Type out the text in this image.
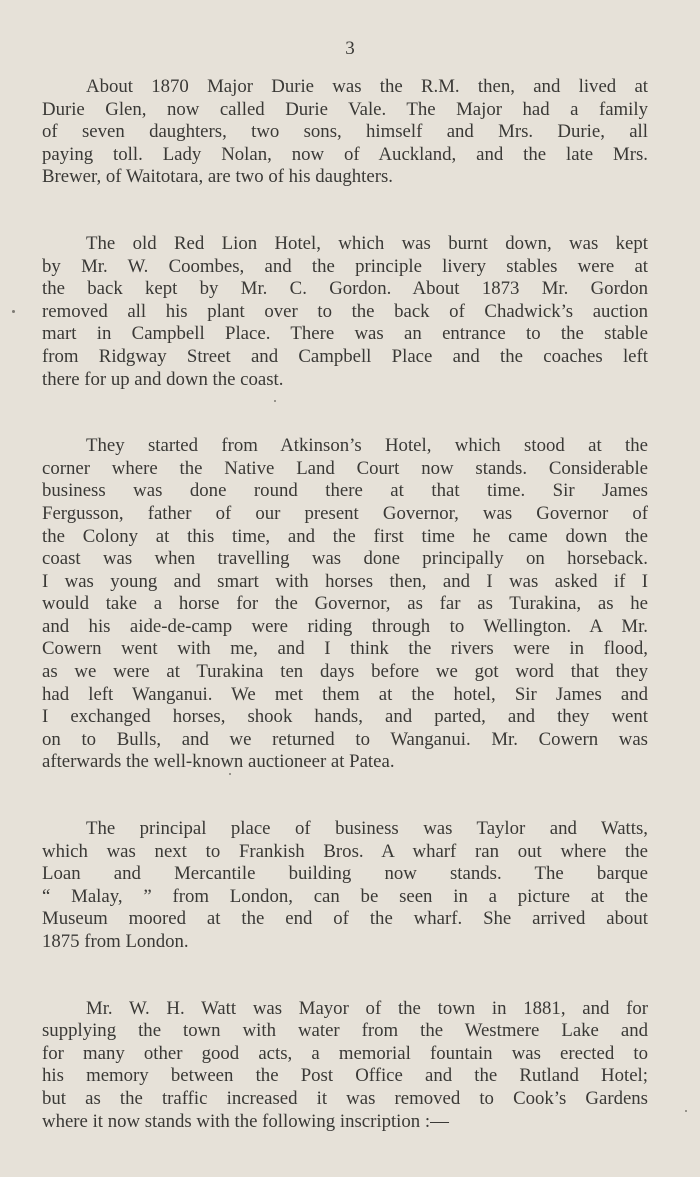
3

About 1870 Major Durie was the R.M. then, and lived at
Durie Glen, now called Durie Vale. The Major had a family
of seven daughters, two sons, himself and Mrs. Durie, all
paying toll. Lady Nolan, now of Auckland, and the late Mrs.
Brewer, of Waitotara, are two of his daughters.

The old Red Lion Hotel, which was burnt down, was kept
by Mr. W. Coombes, and the principle livery stables were at
the back kept by Mr. C. Gordon. About 1873 Mr. Gordon
removed all his plant over to the back of Chadwick’s auction
mart in Campbell Place. There was an entrance to the stable
from Ridgway Street and Campbell Place and the coaches left
there for up and down the coast.

They started from Atkinson’s Hotel, which stood at the
corner where the Native Land Court now stands. Considerable
business was done round there at that time. Sir James
Fergusson, father of our present Governor, was Governor of
the Colony at this time, and the first time he came down the
coast was when travelling was done principally on horseback.
I was young and smart with horses then, and I was asked if I
would take a horse for the Governor, as far as Turakina, as he
and his aide-de-camp were riding through to Wellington. A Mr.
Cowern went with me, and I think the rivers were in flood,
as we were at Turakina ten days before we got word that they
had left Wanganui. We met them at the hotel, Sir James and
I exchanged horses, shook hands, and parted, and they went
on to Bulls, and we returned to Wanganui. Mr. Cowern was
afterwards the well-known auctioneer at Patea.

The principal place of business was Taylor and Watts,
which was next to Frankish Bros. A wharf ran out where the
Loan and Mercantile building now stands. The barque
“ Malay, ” from London, can be seen in a picture at the
Museum moored at the end of the wharf. She arrived about
1875 from London.

Mr. W. H. Watt was Mayor of the town in 1881, and for
supplying the town with water from the Westmere Lake and
for many other good acts, a memorial fountain was erected to
his memory between the Post Office and the Rutland Hotel;
but as the traffic increased it was removed to Cook’s Gardens
where it now stands with the following inscription :—
